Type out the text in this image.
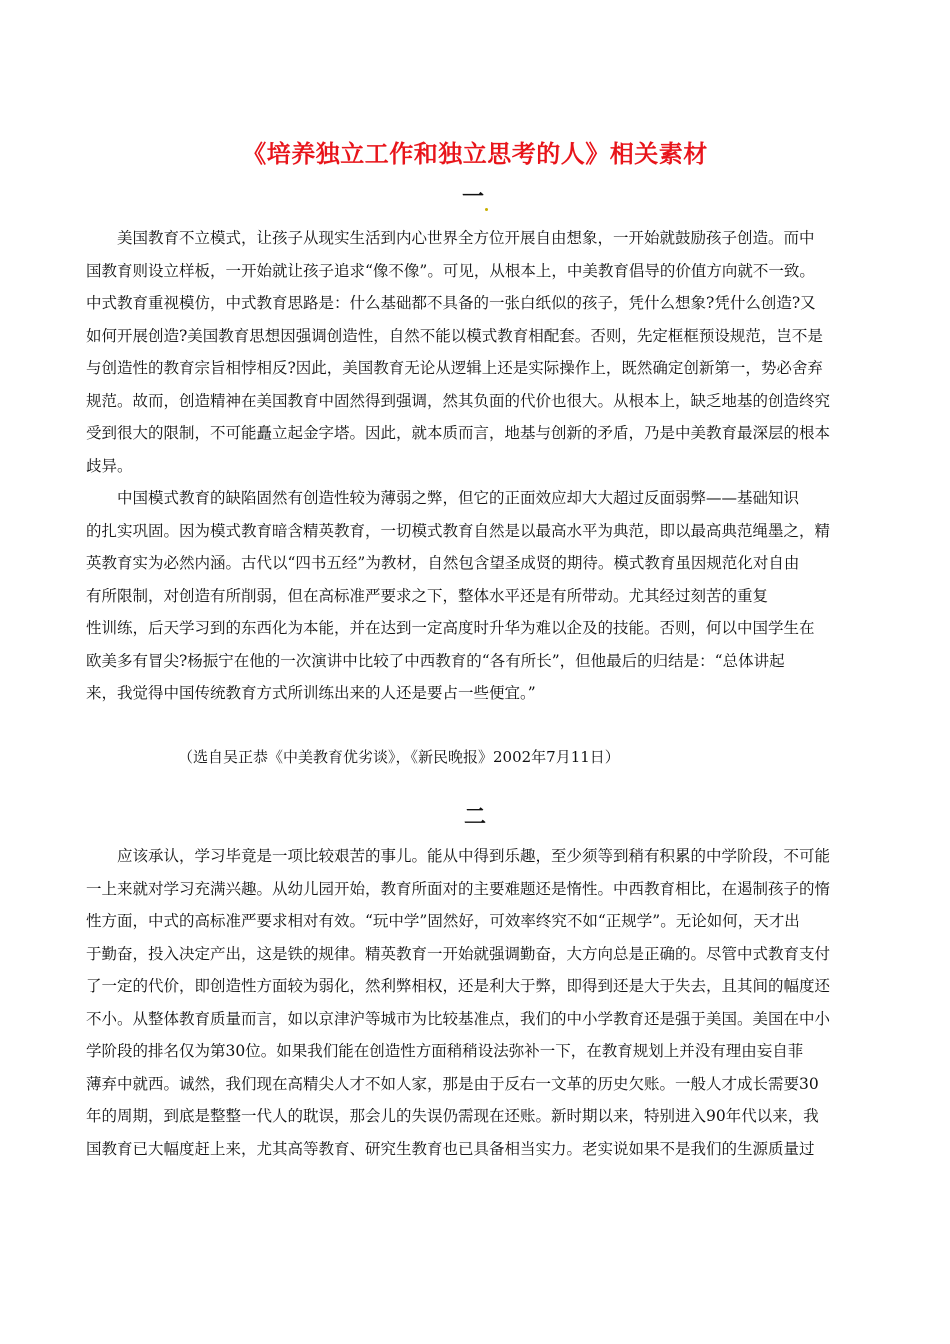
《培养独立工作和独立思考的人》相关素材
一

美国教育不立模式，让孩子从现实生活到内心世界全方位开展自由想象，一开始就鼓励孩子创造。而中
国教育则设立样板，一开始就让孩子追求“像不像”。可见，从根本上，中美教育倡导的价值方向就不一致。
中式教育重视模仿，中式教育思路是：什么基础都不具备的一张白纸似的孩子，凭什么想象?凭什么创造?又
如何开展创造?美国教育思想因强调创造性，自然不能以模式教育相配套。否则，先定框框预设规范，岂不是
与创造性的教育宗旨相悖相反?因此，美国教育无论从逻辑上还是实际操作上，既然确定创新第一，势必舍弃
规范。故而，创造精神在美国教育中固然得到强调，然其负面的代价也很大。从根本上，缺乏地基的创造终究
受到很大的限制，不可能矗立起金字塔。因此，就本质而言，地基与创新的矛盾，乃是中美教育最深层的根本
歧异。

中国模式教育的缺陷固然有创造性较为薄弱之弊，但它的正面效应却大大超过反面弱弊——基础知识
的扎实巩固。因为模式教育暗含精英教育，一切模式教育自然是以最高水平为典范，即以最高典范绳墨之，精
英教育实为必然内涵。古代以“四书五经”为教材，自然包含望圣成贤的期待。模式教育虽因规范化对自由
有所限制，对创造有所削弱，但在高标准严要求之下，整体水平还是有所带动。尤其经过刻苦的重复
性训练，后天学习到的东西化为本能，并在达到一定高度时升华为难以企及的技能。否则，何以中国学生在
欧美多有冒尖?杨振宁在他的一次演讲中比较了中西教育的“各有所长”，但他最后的归结是：“总体讲起
来，我觉得中国传统教育方式所训练出来的人还是要占一些便宜。”

（选自吴正恭《中美教育优劣谈》，《新民晚报》2002年7月11日）
二

应该承认，学习毕竟是一项比较艰苦的事儿。能从中得到乐趣，至少须等到稍有积累的中学阶段，不可能
一上来就对学习充满兴趣。从幼儿园开始，教育所面对的主要难题还是惰性。中西教育相比，在遏制孩子的惰
性方面，中式的高标准严要求相对有效。“玩中学”固然好，可效率终究不如“正规学”。无论如何，天才出
于勤奋，投入决定产出，这是铁的规律。精英教育一开始就强调勤奋，大方向总是正确的。尽管中式教育支付
了一定的代价，即创造性方面较为弱化，然利弊相权，还是利大于弊，即得到还是大于失去，且其间的幅度还
不小。从整体教育质量而言，如以京津沪等城市为比较基准点，我们的中小学教育还是强于美国。美国在中小
学阶段的排名仅为第30位。如果我们能在创造性方面稍稍设法弥补一下，在教育规划上并没有理由妄自菲
薄弃中就西。诚然，我们现在高精尖人才不如人家，那是由于反右一文革的历史欠账。一般人才成长需要30
年的周期，到底是整整一代人的耽误，那会儿的失误仍需现在还账。新时期以来，特别进入90年代以来，我
国教育已大幅度赶上来，尤其高等教育、研究生教育也已具备相当实力。老实说如果不是我们的生源质量过
